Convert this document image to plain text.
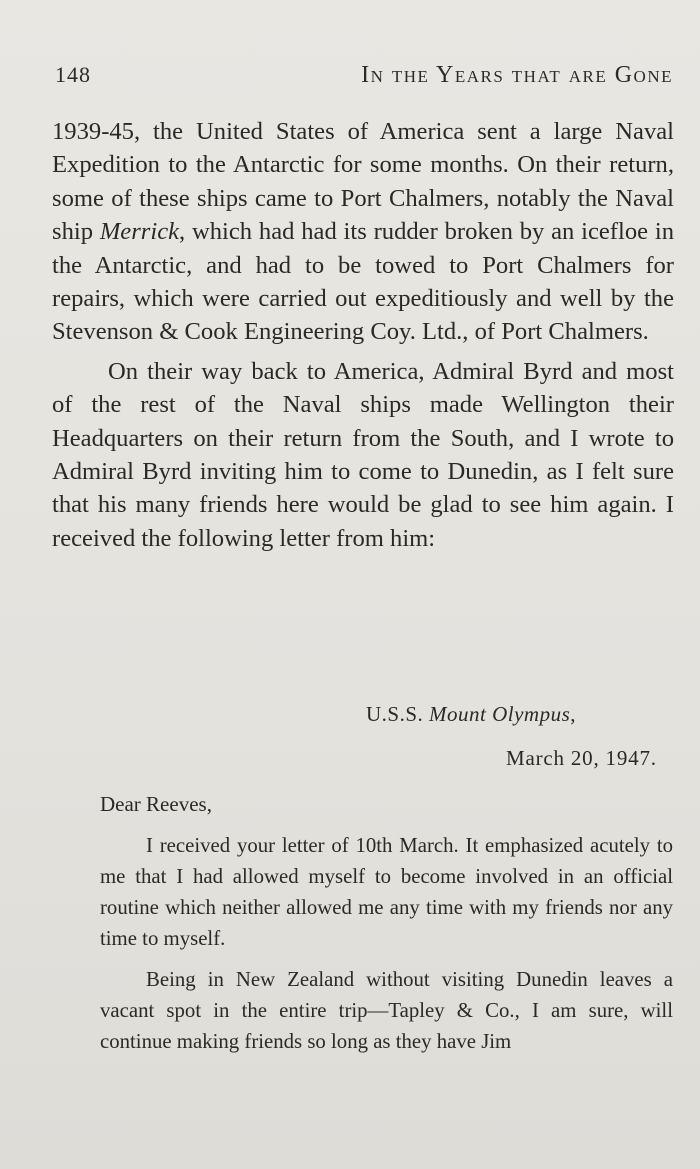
148	In the Years that are Gone

1939-45, the United States of America sent a large Naval Expedition to the Antarctic for some months. On their return, some of these ships came to Port Chalmers, notably the Naval ship Merrick, which had had its rudder broken by an icefloe in the Antarctic, and had to be towed to Port Chalmers for repairs, which were carried out expeditiously and well by the Stevenson & Cook Engineering Coy. Ltd., of Port Chalmers.

On their way back to America, Admiral Byrd and most of the rest of the Naval ships made Wellington their Headquarters on their return from the South, and I wrote to Admiral Byrd inviting him to come to Dunedin, as I felt sure that his many friends here would be glad to see him again. I received the following letter from him:

U.S.S. Mount Olympus,
March 20, 1947.
Dear Reeves,

I received your letter of 10th March. It emphasized acutely to me that I had allowed myself to become involved in an official routine which neither allowed me any time with my friends nor any time to myself.

Being in New Zealand without visiting Dunedin leaves a vacant spot in the entire trip—Tapley & Co., I am sure, will continue making friends so long as they have Jim
